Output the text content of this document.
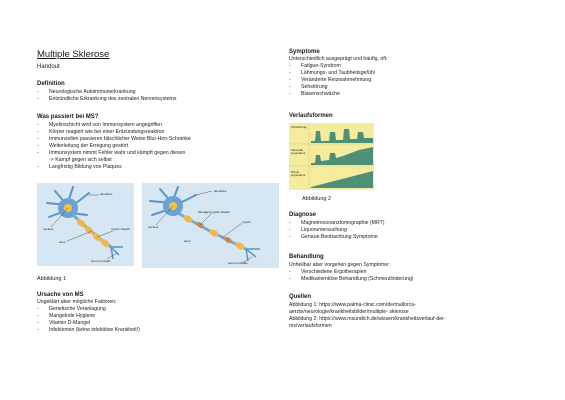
Multiple Sklerose
Handout
Definition
- Neurologische Autoimmunerkrankung
- Entzündliche Erkrankung des zentralen Nervensystems
Was passiert bei MS?
- Myelinschicht wird von Immunsystem angegriffen
- Körper reagiert wie bei einer Entzündungsreaktion
- Immunzellen passieren fälschlicher Weise Blut-Hirn-Schranke
- Weiterleitung der Erregung gestört
- Immunsystem nimmt Fehler wahr und kämpft gegen diesen
-> Kampf gegen sich selbst
- Langfristig Bildung von Plaques
dendrites
nucleus
axon
myelin sheath
axon terminals
dendrites
nucleus
damaged myelin sheath
myelin
axon
axon terminals
Abbildung 1
Ursache von MS
Ungeklärt aber mögliche Faktoren:
- Genetische Veranlagung
- Mangelnde Hygiene
- Vitamin D-Mangel
- Infektionen (keine infektiöse Krankheit!)
Symptome
Unterschiedlich ausgeprägt und häufig, oft:
- Fatigue-Syndrom
- Lähmungs- und Taubheitsgefühl
- Veränderte Reizwahrnehmung
- Sehstörung
- Blasenschwäche
Verlaufsformen
Schubförmig
Sekundär progredient
Primär progredient
Abbildung 2
Diagnose
- Magnetresonanztomographie (MRT)
- Liquoruntersuchung
- Genaue Beobachtung Symptome
Behandlung
Unheilbar aber vorgehen gegen Symptome:
- Verschiedene Ergotherapien
- Medikamentöse Behandlung (Schmerzlinderung)
Quellen
Abbildung 1: https://www.palma-clinic.com/de/mallorca-
aerzte/neurologie/krankheitsbilder/multiple- sklerose
Abbildung 2: https://www.msundich.de/wissen/krankheitsverlauf-der-
ms/verlaufsformen
